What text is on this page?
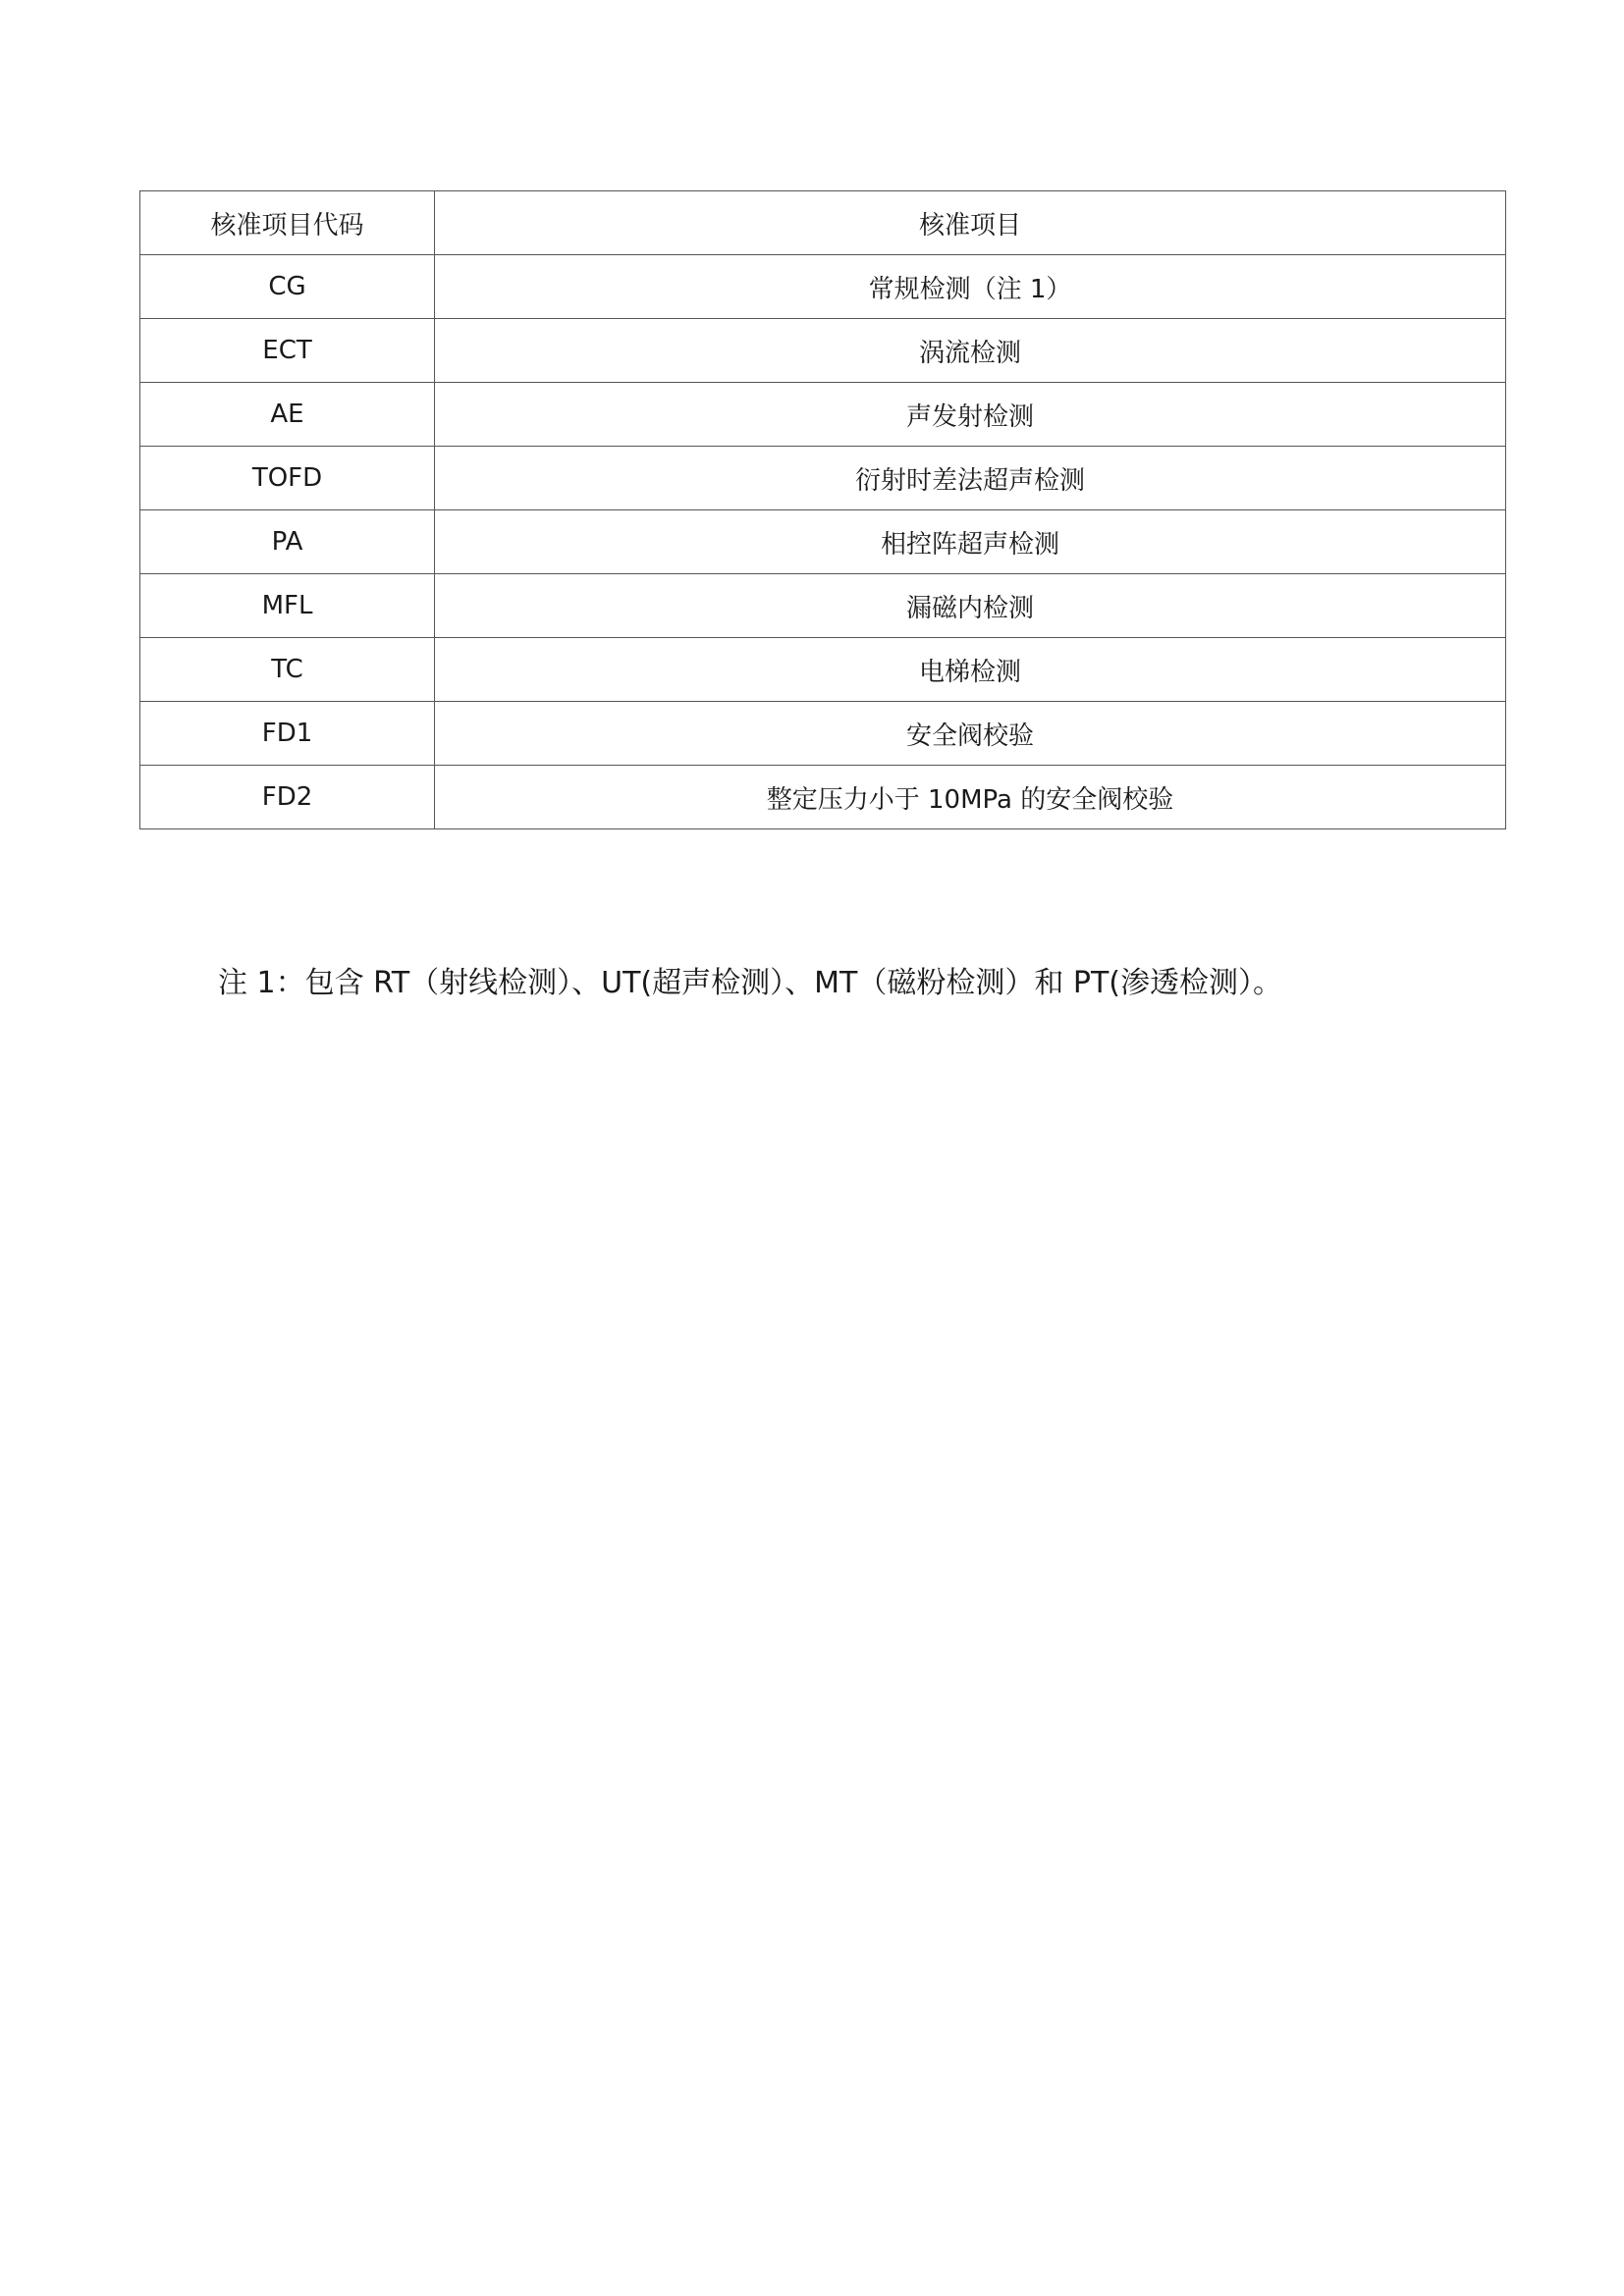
核准项目代码	核准项目
CG	常规检测（注 1）
ECT	涡流检测
AE	声发射检测
TOFD	衍射时差法超声检测
PA	相控阵超声检测
MFL	漏磁内检测
TC	电梯检测
FD1	安全阀校验
FD2	整定压力小于 10MPa 的安全阀校验

注 1：包含 RT（射线检测）、UT(超声检测）、MT（磁粉检测）和 PT(渗透检测）。
